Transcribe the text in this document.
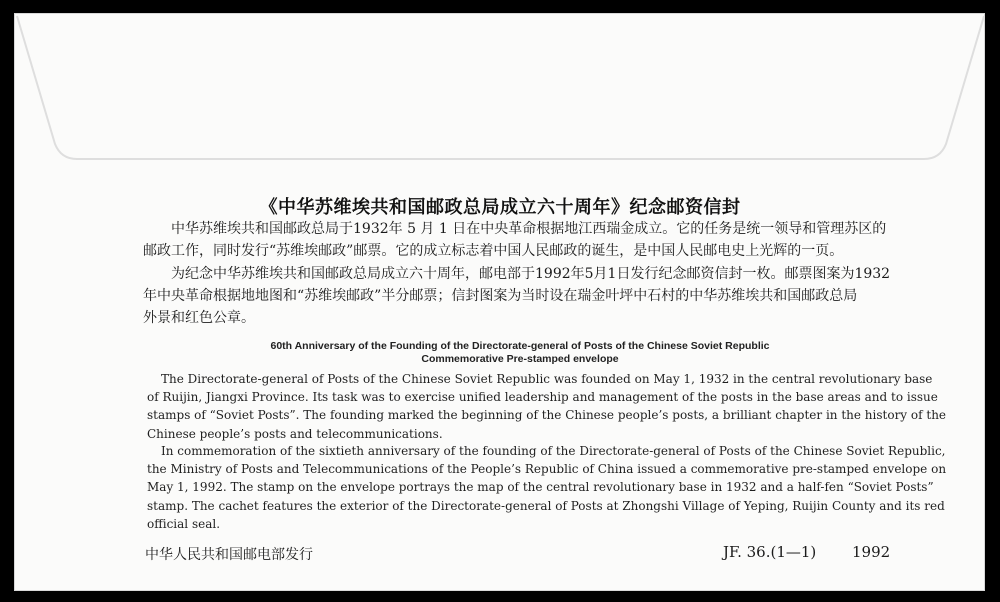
《中华苏维埃共和国邮政总局成立六十周年》纪念邮资信封
中华苏维埃共和国邮政总局于1932年 5 月 1 日在中央革命根据地江西瑞金成立。它的任务是统一领导和管理苏区的
邮政工作，同时发行“苏维埃邮政”邮票。它的成立标志着中国人民邮政的诞生，是中国人民邮电史上光辉的一页。
为纪念中华苏维埃共和国邮政总局成立六十周年，邮电部于1992年5月1日发行纪念邮资信封一枚。邮票图案为1932
年中央革命根据地地图和“苏维埃邮政”半分邮票；信封图案为当时设在瑞金叶坪中石村的中华苏维埃共和国邮政总局
外景和红色公章。
60th Anniversary of the Founding of the Directorate-general of Posts of the Chinese Soviet Republic
Commemorative Pre-stamped envelope
The Directorate-general of Posts of the Chinese Soviet Republic was founded on May 1, 1932 in the central revolutionary base
of Ruijin, Jiangxi Province. Its task was to exercise unified leadership and management of the posts in the base areas and to issue
stamps of “Soviet Posts”. The founding marked the beginning of the Chinese people’s posts, a brilliant chapter in the history of the
Chinese people’s posts and telecommunications.
In commemoration of the sixtieth anniversary of the founding of the Directorate-general of Posts of the Chinese Soviet Republic,
the Ministry of Posts and Telecommunications of the People’s Republic of China issued a commemorative pre-stamped envelope on
May 1, 1992. The stamp on the envelope portrays the map of the central revolutionary base in 1932 and a half-fen “Soviet Posts”
stamp. The cachet features the exterior of the Directorate-general of Posts at Zhongshi Village of Yeping, Ruijin County and its red
official seal.
中华人民共和国邮电部发行	JF. 36.(1—1) 1992
